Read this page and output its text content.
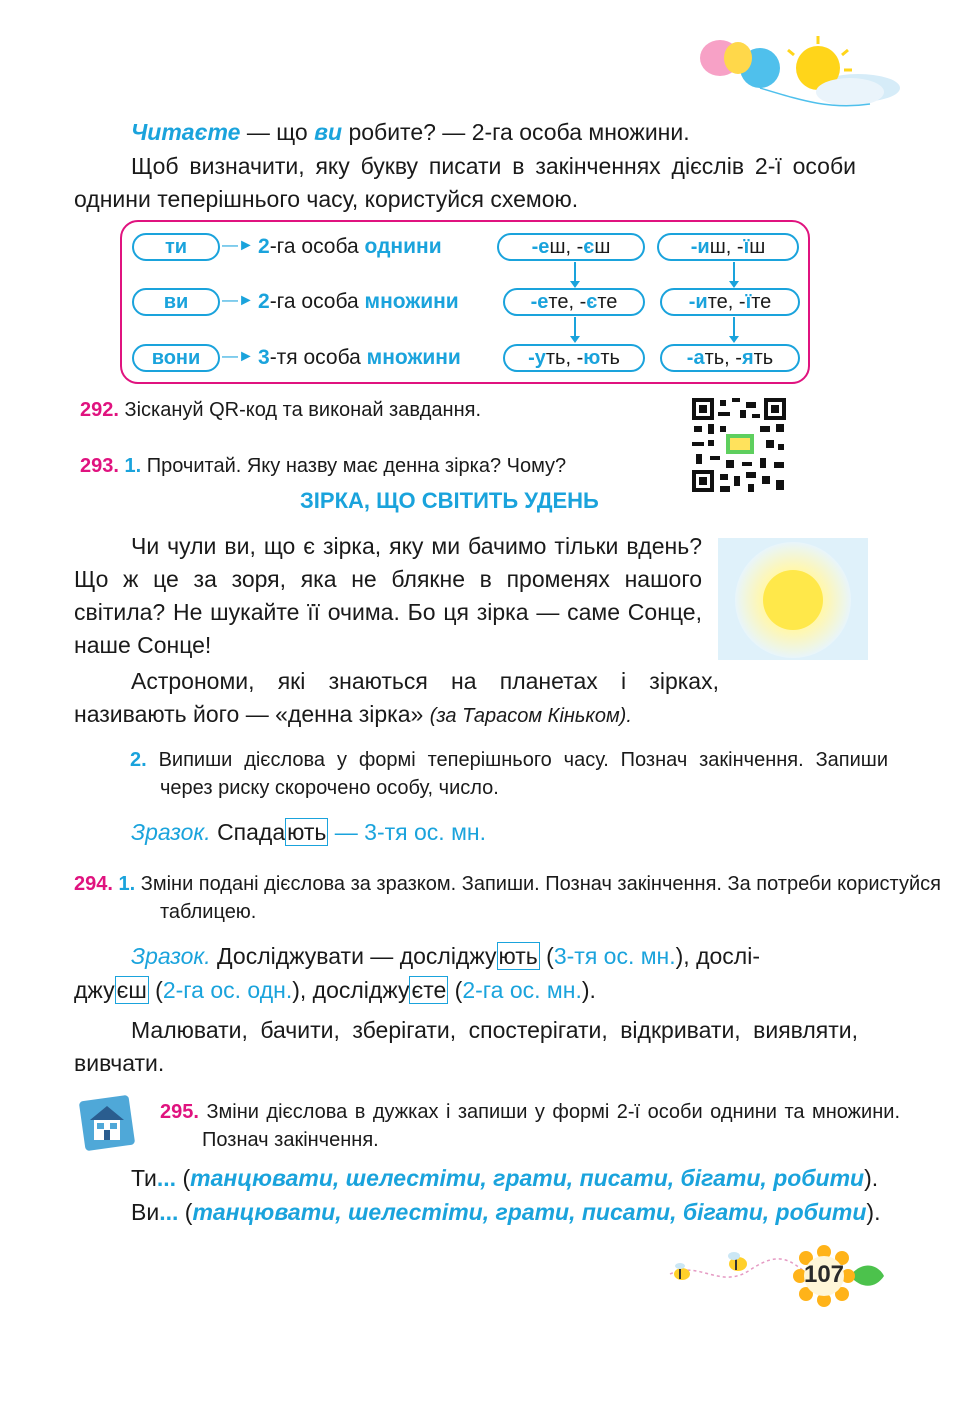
Читаєте — що ви робите? — 2-га особа множини.

Щоб визначити, яку букву писати в закінченнях дієслів 2-ї особи однини теперішнього часу, користуйся схемою.

ти	—► 2-га особа однини	-еш, -єш	-иш, -їш
ви	—► 2-га особа множини	-ете, -єте	-ите, -їте
вони	—► 3-тя особа множини	-уть, -ють	-ать, -ять
292. Зіскануй QR-код та виконай завдання.
293. 1. Прочитай. Яку назву має денна зірка? Чому?
ЗІРКА, ЩО СВІТИТЬ УДЕНЬ

Чи чули ви, що є зірка, яку ми бачимо тільки вдень? Що ж це за зоря, яка не блякне в променях нашого світила? Не шукайте її очима. Бо ця зірка — саме Сонце, наше Сонце!

Астрономи, які знаються на планетах і зірках, називають його — «денна зірка» (за Тарасом Кіньком).

2. Випиши дієслова у формі теперішнього часу. Познач закінчення. Запиши через риску скорочено особу, число.

Зразок. Спадають — 3-тя ос. мн.

294. 1. Зміни подані дієслова за зразком. Запиши. Познач закінчення. За потреби користуйся таблицею.

Зразок. Досліджувати — досліджують (3-тя ос. мн.), дослі-

джуєш (2-га ос. одн.), досліджуєте (2-га ос. мн.).

Малювати, бачити, зберігати, спостерігати, відкривати, виявляти, вивчати.

295. Зміни дієслова в дужках і запиши у формі 2-ї особи однини та множини. Познач закінчення.

Ти... (танцювати, шелестіти, грати, писати, бігати, робити).

Ви... (танцювати, шелестіти, грати, писати, бігати, робити).

107
